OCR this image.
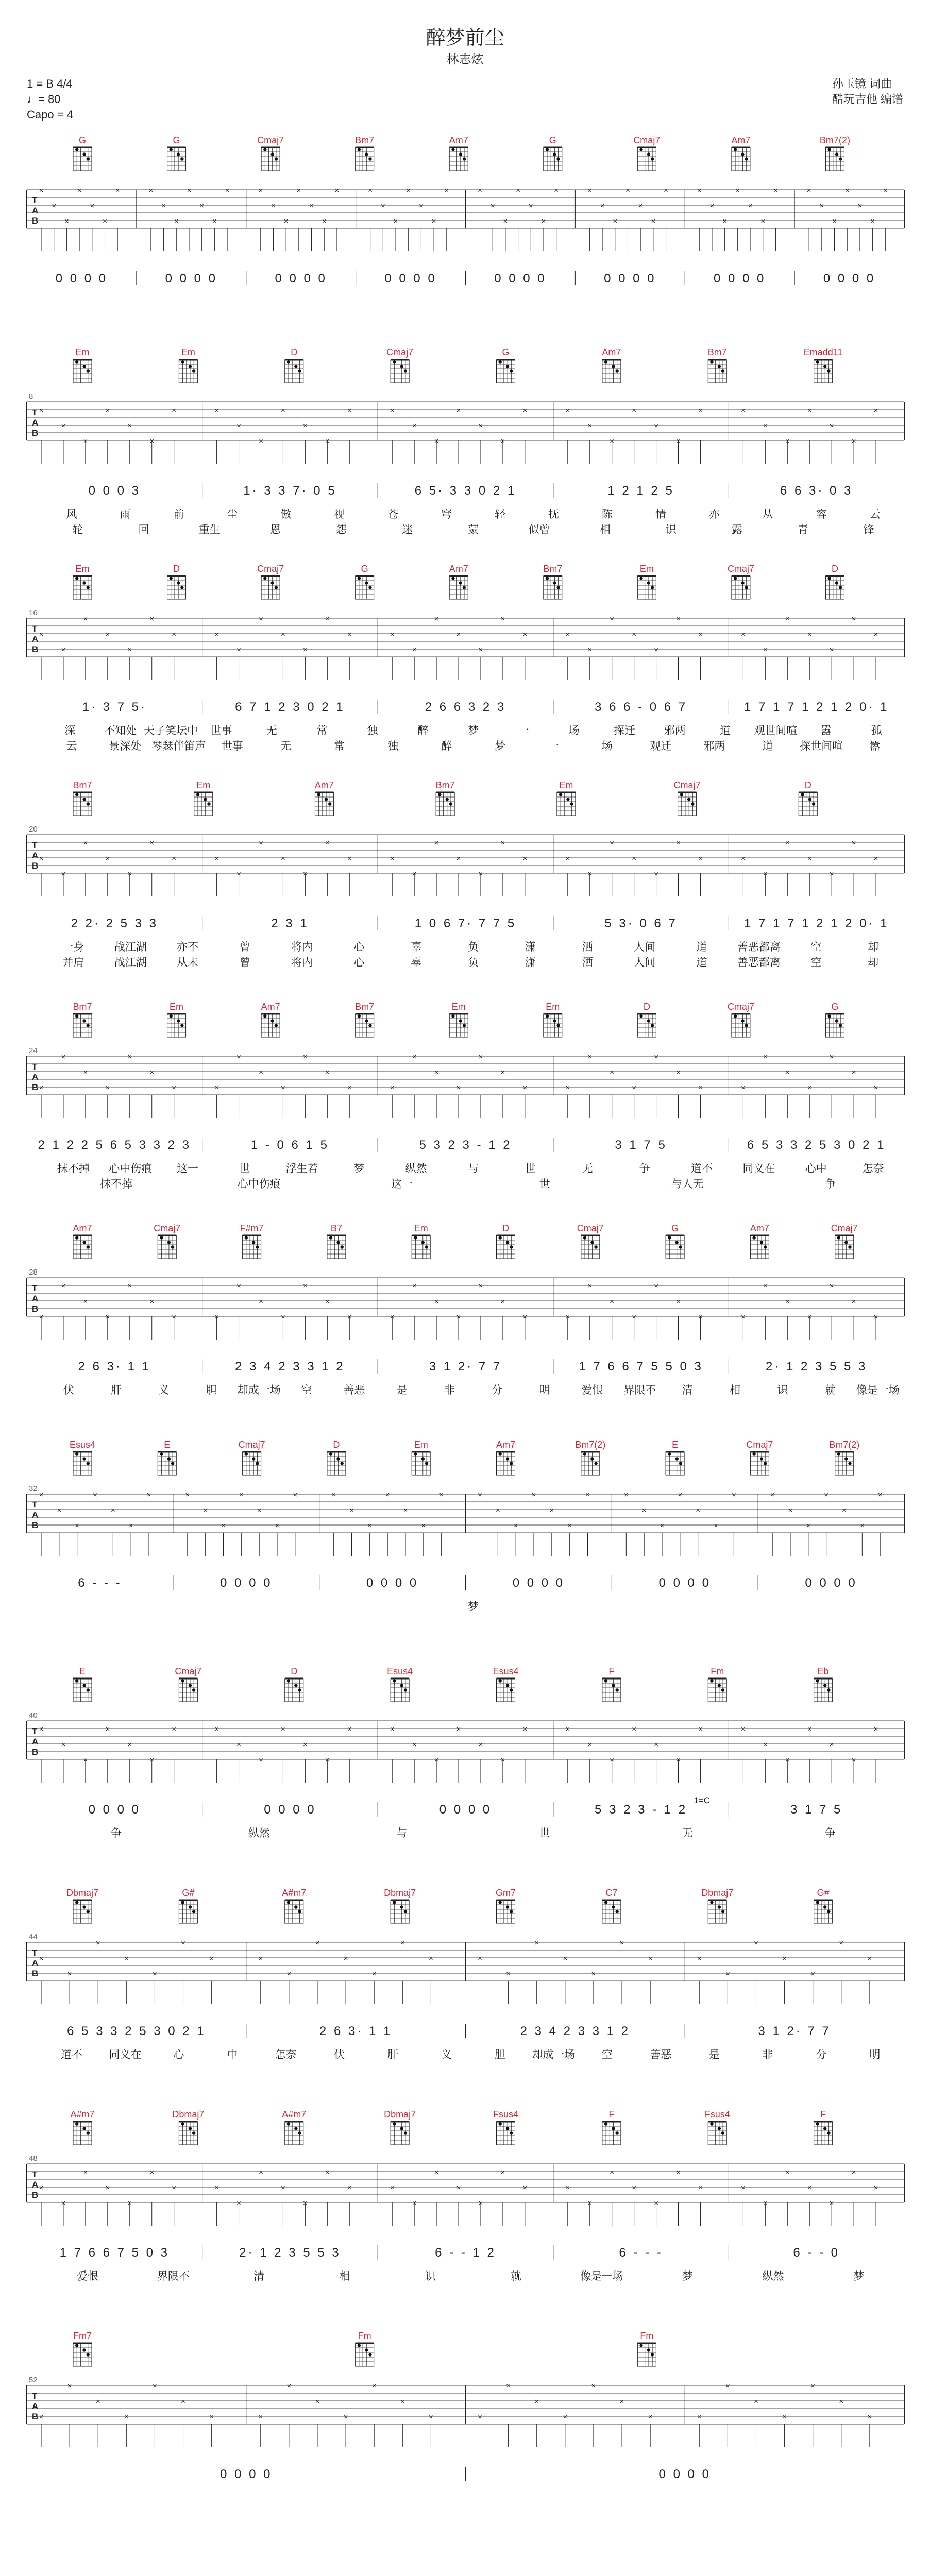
醉梦前尘
林志炫
1 = B 4/4
♩= 80
Capo = 4
孙玉镜 词曲
酷玩吉他 编谱
G	G	Cmaj7	Bm7	Am7	G	Cmaj7	Am7	Bm7(2)
×
×
×
×
×
×
×	×
×
×
×
×
×
×	×
×
×
×
×
×
×	×
×
×
×
×
×
×	×
×
×
×
×
×
×	×
×
×
×
×
×
×	×
×
×
×
×
×
×	×
×
×
×
×
×
×
T
A
B
0 0 0 0	0 0 0 0	0 0 0 0	0 0 0 0	0 0 0 0	0 0 0 0	0 0 0 0	0 0 0 0
Em	Em	D	Cmaj7	G	Am7	Bm7	Emadd11
×
×
×
×
×
×
×	×
×
×
×
×
×
×	×
×
×
×
×
×
×	×
×
×
×
×
×
×	×
×
×
×
×
×
×
T
A
B
8
0 0 0 3	1· 3 3 7· 0 5	6 5· 3 3 0 2 1	1 2 1 2 5	6 6 3· 0 3
风	雨	前	尘	傲	视	苍	穹	轻	抚	陈	情	亦	从	容	云
轮	回	重生	恩	怨	迷	蒙	似曾	相	识	露	青	锋
Em	D	Cmaj7	G	Am7	Bm7	Em	Cmaj7	D
×
×
×
×
×
×
×	×
×
×
×
×
×
×	×
×
×
×
×
×
×	×
×
×
×
×
×
×	×
×
×
×
×
×
×
T
A
B
16
1· 3 7 5·	6 7 1 2 3 0 2 1	2 6 6 3 2 3	3 6 6 - 0 6 7	1 7 1 7 1 2 1 2 0· 1
深	不知处 天子笑坛中 世事	无	常	独	醉	梦	一	场	探迁	邪两	道 观世间喧 嚣	孤
云	景深处 琴瑟伴笛声 世事	无	常	独	醉	梦	一	场	观迁	邪两	道 探世间喧 嚣
Bm7	Em	Am7	Bm7	Em	Cmaj7	D
×
×
×
×
×
×
×	×
×
×
×
×
×
×	×
×
×
×
×
×
×	×
×
×
×
×
×
×	×
×
×
×
×
×
×
T
A
B
20
2 2· 2 5 3 3	2 3 1	1 0 6 7· 7 7 5	5 3· 0 6 7	1 7 1 7 1 2 1 2 0· 1
一身	战江湖	亦不	曾	将内	心	辜	负	潇	洒	人间	道	善恶都离	空	却
并肩	战江湖	从未	曾	将内	心	辜	负	潇	洒	人间	道	善恶都离	空	却
Bm7	Em	Am7	Bm7	Em	Em	D	Cmaj7	G
×
×
×
×
×
×
×	×
×
×
×
×
×
×	×
×
×
×
×
×
×	×
×
×
×
×
×
×	×
×
×
×
×
×
×
T
A
B
24
2 1 2 2 5 6 5 3 3 2 3	1 - 0 6 1 5	5 3 2 3 - 1 2	3 1 7 5	6 5 3 3 2 5 3 0 2 1
抹不掉 心中伤痕 这一	世	浮生若	梦	纵然	与	世	无	争	道不	同义在	心中	怎奈
抹不掉	心中伤痕	这一	世	与人无	争
Am7	Cmaj7	F#m7	B7	Em	D	Cmaj7	G	Am7	Cmaj7
×
×
×
×
×
×
×	×
×
×
×
×
×
×	×
×
×
×
×
×
×	×
×
×
×
×
×
×	×
×
×
×
×
×
×
T
A
B
28
2 6 3· 1 1	2 3 4 2 3 3 1 2	3 1 2· 7 7	1 7 6 6 7 5 5 0 3	2· 1 2 3 5 5 3
伏	肝	义	胆 却成一场 空	善恶	是	非	分	明	爱恨 界限不 清	相	识	就 像是一场
Esus4	E	Cmaj7	D	Em	Am7	Bm7(2)	E	Cmaj7	Bm7(2)
×
×
×
×
×
×
×	×
×
×
×
×
×
×	×
×
×
×
×
×
×	×
×
×
×
×
×
×	×
×
×
×
×
×
×	×
×
×
×
×
×
×
T
A
B
32
6 - - -	0 0 0 0	0 0 0 0	0 0 0 0	0 0 0 0	0 0 0 0
梦
E	Cmaj7	D	Esus4	Esus4	F	Fm	Eb
×
×
×
×
×
×
×	×
×
×
×
×
×
×	×
×
×
×
×
×
×	×
×
×
×
×
×
×	×
×
×
×
×
×
×
T
A
B
40
1=C
0 0 0 0	0 0 0 0	0 0 0 0	5 3 2 3 - 1 2	3 1 7 5
争	纵然	与	世	无	争
Dbmaj7	G#	A#m7	Dbmaj7	Gm7	C7	Dbmaj7	G#
×
×
×
×
×
×
×	×
×
×
×
×
×
×	×
×
×
×
×
×
×	×
×
×
×
×
×
×
T
A
B
44
6 5 3 3 2 5 3 0 2 1	2 6 3· 1 1	2 3 4 2 3 3 1 2	3 1 2· 7 7
道不 同义在	心	中	怎奈	伏	肝	义	胆 却成一场 空	善恶	是	非	分	明
A#m7	Dbmaj7	A#m7	Dbmaj7	Fsus4	F	Fsus4	F
×
×
×
×
×
×
×	×
×
×
×
×
×
×	×
×
×
×
×
×
×	×
×
×
×
×
×
×	×
×
×
×
×
×
×
T
A
B
48
1 7 6 6 7 5 0 3	2· 1 2 3 5 5 3	6 - - 1 2	6 - - -	6 - - 0
爱恨	界限不	清	相	识	就	像是一场	梦	纵然	梦
Fm7	Fm	Fm
×
×
×
×
×
×
×	×
×
×
×
×
×
×	×
×
×
×
×
×
×	×
×
×
×
×
×
×
T
A
B
52
0 0 0 0	0 0 0 0
